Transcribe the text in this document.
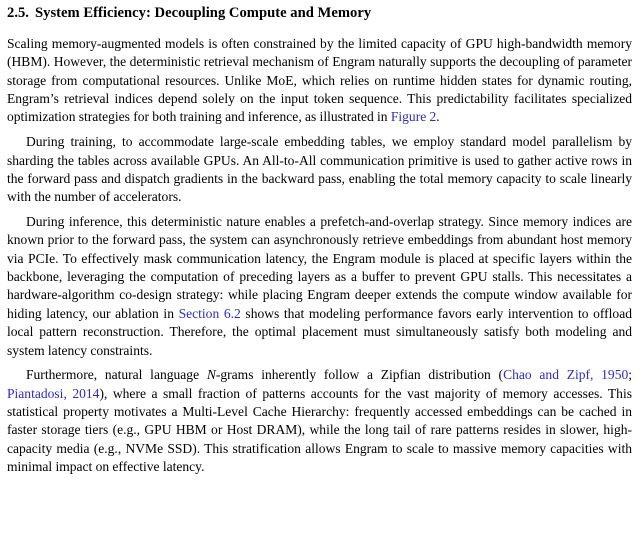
2.5. System Efficiency: Decoupling Compute and Memory

Scaling memory-augmented models is often constrained by the limited capacity of GPU high-bandwidth memory (HBM). However, the deterministic retrieval mechanism of Engram naturally supports the decoupling of parameter storage from computational resources. Unlike MoE, which relies on runtime hidden states for dynamic routing, Engram’s retrieval indices depend solely on the input token sequence. This predictability facilitates specialized optimization strategies for both training and inference, as illustrated in Figure 2.

During training, to accommodate large-scale embedding tables, we employ standard model parallelism by sharding the tables across available GPUs. An All-to-All communication primitive is used to gather active rows in the forward pass and dispatch gradients in the backward pass, enabling the total memory capacity to scale linearly with the number of accelerators.

During inference, this deterministic nature enables a prefetch-and-overlap strategy. Since memory indices are known prior to the forward pass, the system can asynchronously retrieve embeddings from abundant host memory via PCIe. To effectively mask communication latency, the Engram module is placed at specific layers within the backbone, leveraging the computation of preceding layers as a buffer to prevent GPU stalls. This necessitates a hardware-algorithm co-design strategy: while placing Engram deeper extends the compute window available for hiding latency, our ablation in Section 6.2 shows that modeling performance favors early intervention to offload local pattern reconstruction. Therefore, the optimal placement must simultaneously satisfy both modeling and system latency constraints.

Furthermore, natural language N-grams inherently follow a Zipfian distribution (Chao and Zipf, 1950; Piantadosi, 2014), where a small fraction of patterns accounts for the vast majority of memory accesses. This statistical property motivates a Multi-Level Cache Hierarchy: frequently accessed embeddings can be cached in faster storage tiers (e.g., GPU HBM or Host DRAM), while the long tail of rare patterns resides in slower, high-capacity media (e.g., NVMe SSD). This stratification allows Engram to scale to massive memory capacities with minimal impact on effective latency.
